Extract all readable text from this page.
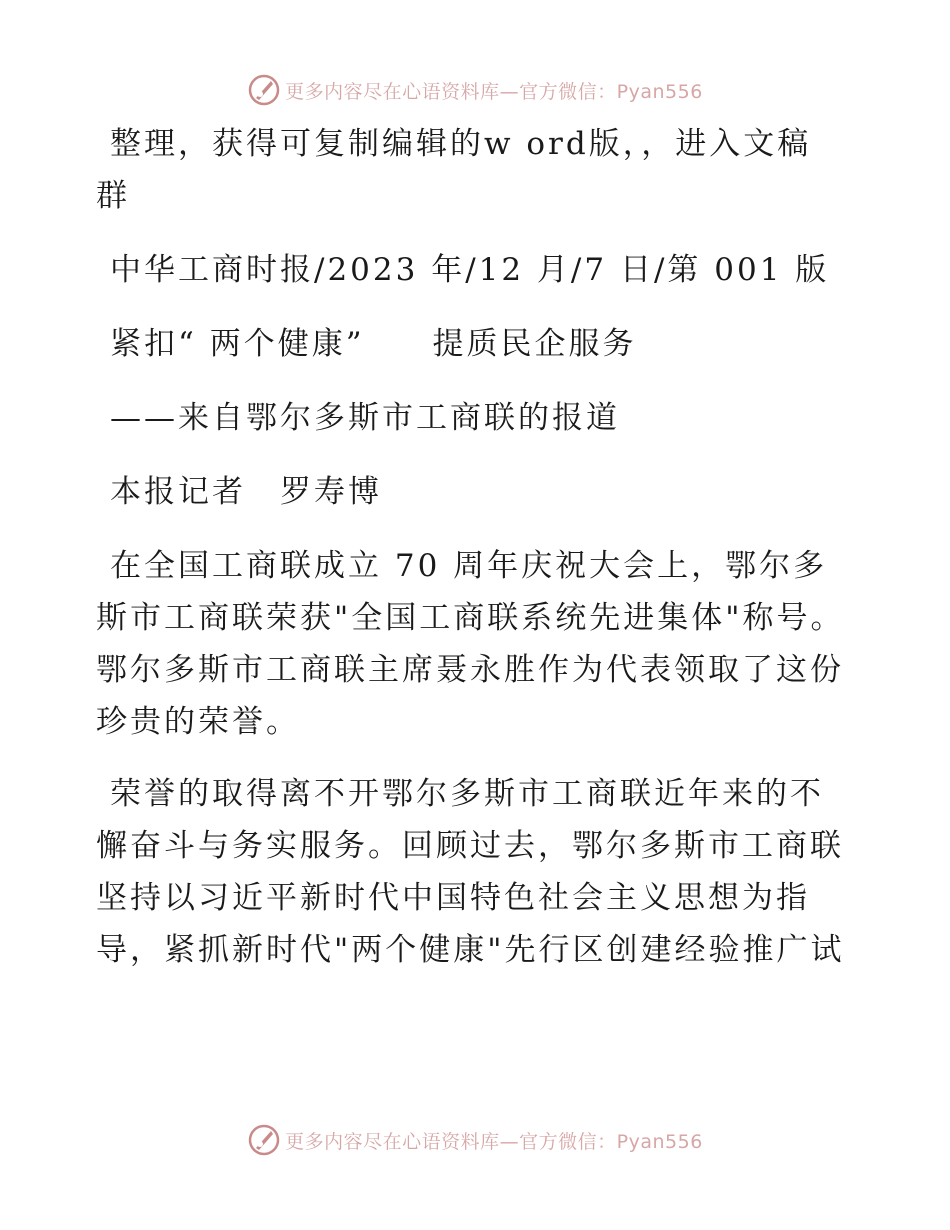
更多内容尽在心语资料库—官方微信：Pyan556
整理，获得可复制编辑的w ord版，，进入文稿
群
中华工商时报/2023 年/12 月/7 日/第 001 版
紧扣“ 两个健康”　　提质民企服务
——来自鄂尔多斯市工商联的报道
本报记者　罗寿博
在全国工商联成立 70 周年庆祝大会上，鄂尔多
斯市工商联荣获"全国工商联系统先进集体"称号。
鄂尔多斯市工商联主席聂永胜作为代表领取了这份
珍贵的荣誉。
荣誉的取得离不开鄂尔多斯市工商联近年来的不
懈奋斗与务实服务。回顾过去，鄂尔多斯市工商联
坚持以习近平新时代中国特色社会主义思想为指
导，紧抓新时代"两个健康"先行区创建经验推广试
更多内容尽在心语资料库—官方微信：Pyan556
